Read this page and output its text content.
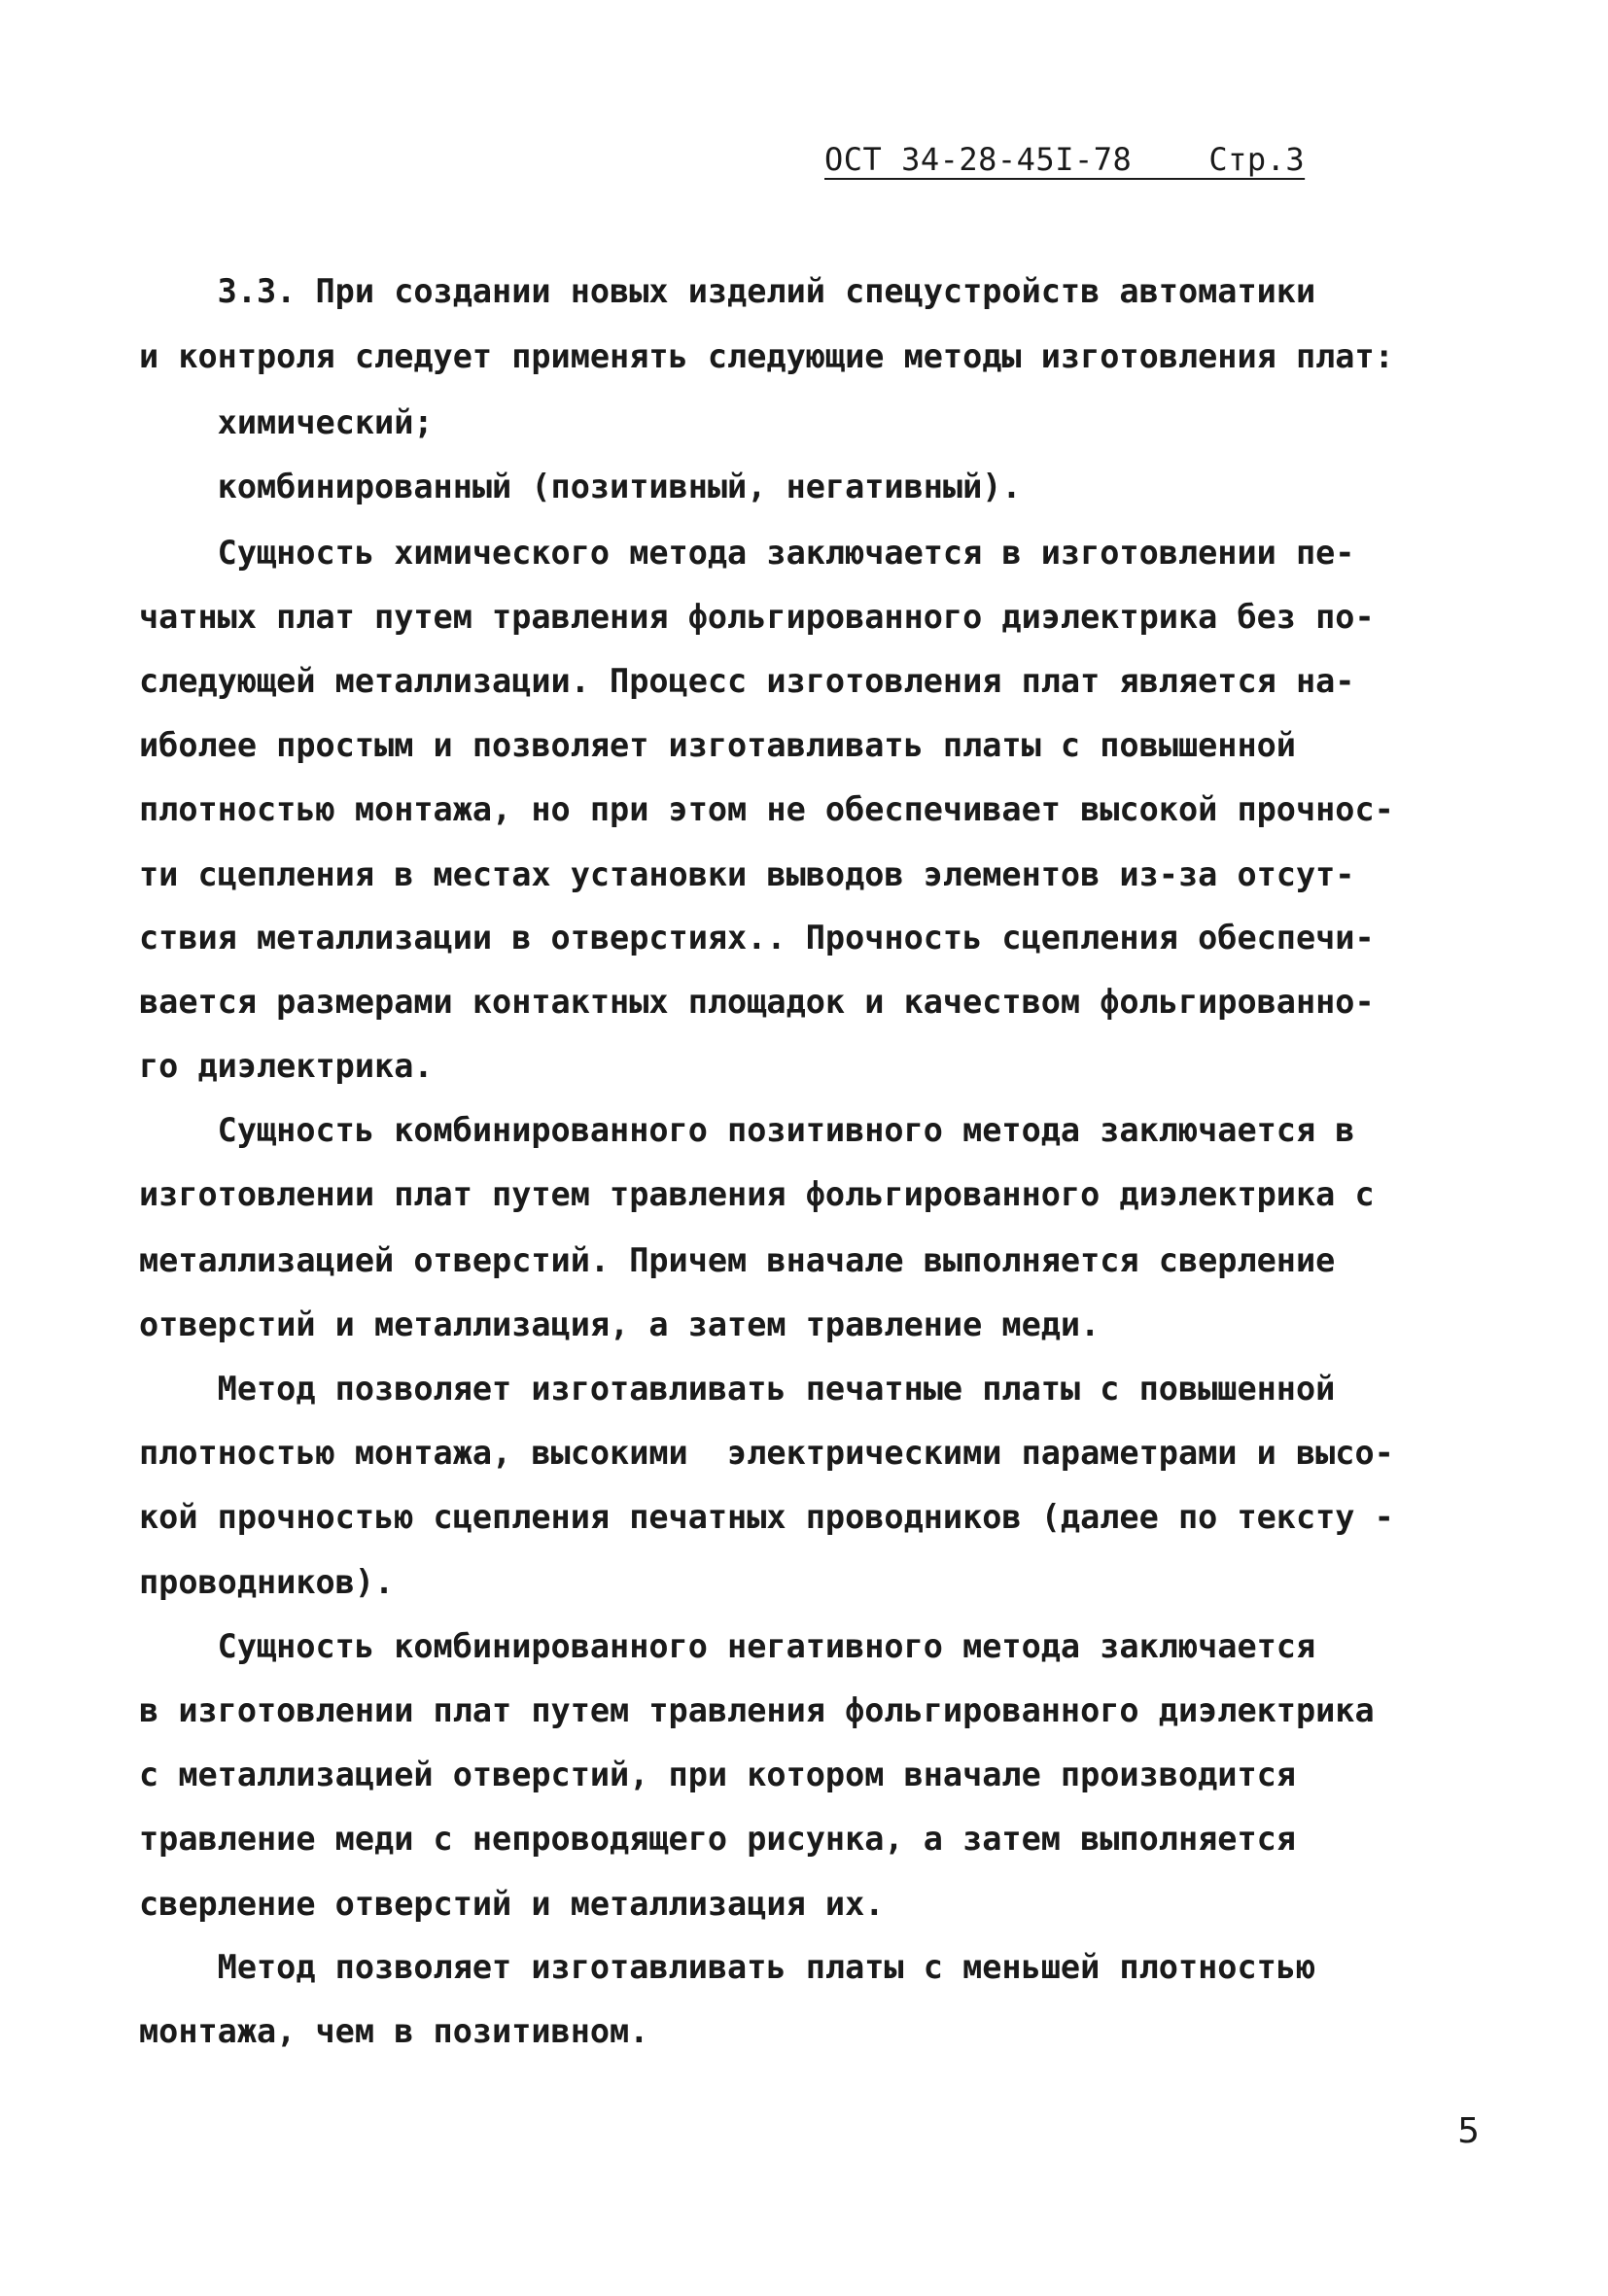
ОСТ 34-28-45I-78    Стр.3
3.3. При создании новых изделий спецустройств автоматики
и контроля следует применять следующие методы изготовления плат:
химический;
комбинированный (позитивный, негативный).
Сущность химического метода заключается в изготовлении пе-
чатных плат путем травления фольгированного диэлектрика без по-
следующей металлизации. Процесс изготовления плат является на-
иболее простым и позволяет изготавливать платы с повышенной
плотностью монтажа, но при этом не обеспечивает высокой прочнос-
ти сцепления в местах установки выводов элементов из-за отсут-
ствия металлизации в отверстиях.. Прочность сцепления обеспечи-
вается размерами контактных площадок и качеством фольгированно-
го диэлектрика.
Сущность комбинированного позитивного метода заключается в
изготовлении плат путем травления фольгированного диэлектрика с
металлизацией отверстий. Причем вначале выполняется сверление
отверстий и металлизация, а затем травление меди.
Метод позволяет изготавливать печатные платы с повышенной
плотностью монтажа, высокими  электрическими параметрами и высо-
кой прочностью сцепления печатных проводников (далее по тексту -
проводников).
Сущность комбинированного негативного метода заключается
в изготовлении плат путем травления фольгированного диэлектрика
с металлизацией отверстий, при котором вначале производится
травление меди с непроводящего рисунка, а затем выполняется
сверление отверстий и металлизация их.
Метод позволяет изготавливать платы с меньшей плотностью
монтажа, чем в позитивном.
5
